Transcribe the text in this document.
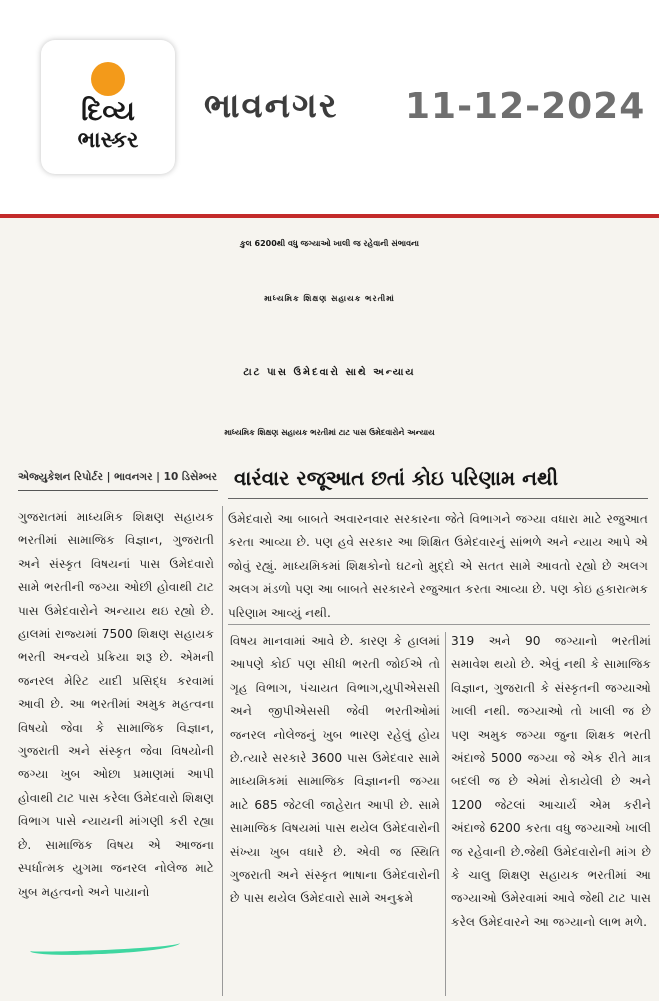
દિવ્ય
ભાસ્કર
ભાવનગર 11-12-2024
કુલ 6200થી વધુ જગ્યાઓ ખાલી જ રહેવાની સંભાવના
માધ્યમિક શિક્ષણ સહાયક ભરતીમાં
ટાટ પાસ ઉમેદવારો સાથે અન્યાય
માધ્યમિક શિક્ષણ સહાયક ભરતીમાં ટાટ પાસ ઉમેદવારોને અન્યાય
એજ્યુકેશન રિપોર્ટર | ભાવનગર | 10 ડિસેમ્બર વારંવાર રજૂઆત છતાં કોઇ પરિણામ નથી

ગુજરાતમાં માધ્યમિક શિક્ષણ સહાયક ભરતીમાં સામાજિક વિજ્ઞાન, ગુજરાતી અને સંસ્કૃત વિષયનાં પાસ ઉમેદવારો સામે ભરતીની જગ્યા ઓછી હોવાથી ટાટ પાસ ઉમેદવારોને અન્યાય થઇ રહ્યો છે. હાલમાં રાજ્યમાં 7500 શિક્ષણ સહાયક ભરતી અન્વયે પ્રક્રિયા શરૂ છે. એમની જનરલ મેરિટ યાદી પ્રસિદ્ધ કરવામાં આવી છે. આ ભરતીમાં અમુક મહત્વના વિષયો જેવા કે સામાજિક વિજ્ઞાન, ગુજરાતી અને સંસ્કૃત જેવા વિષયોની જગ્યા ખુબ ઓછા પ્રમાણમાં આપી હોવાથી ટાટ પાસ કરેલા ઉમેદવારો શિક્ષણ વિભાગ પાસે ન્યાયની માંગણી કરી રહ્યા છે. સામાજિક વિષય એ આજના સ્પર્ધાત્મક યુગમા જનરલ નોલેજ માટે ખુબ મહત્વનો અને પાયાનો

ઉમેદવારો આ બાબતે અવારનવાર સરકારના જેતે વિભાગને જગ્યા વધારા માટે રજુઆત કરતા આવ્યા છે. પણ હવે સરકાર આ શિક્ષિત ઉમેદવારનું સાંભળે અને ન્યાય આપે એ જોવું રહ્યું. માધ્યમિકમાં શિક્ષકોનો ઘટનો મુદ્દો એ સતત સામે આવતો રહ્યો છે અલગ અલગ મંડળો પણ આ બાબતે સરકારને રજુઆત કરતા આવ્યા છે. પણ કોઇ હકારાત્મક પરિણામ આવ્યું નથી.

વિષય માનવામાં આવે છે. કારણ કે હાલમાં આપણે કોઈ પણ સીધી ભરતી જોઈએ તો ગૃહ વિભાગ, પંચાયત વિભાગ,યુપીએસસી અને જીપીએસસી જેવી ભરતીઓમાં જનરલ નોલેજનું ખુબ ભારણ રહેલું હોય છે.ત્યારે સરકારે 3600 પાસ ઉમેદવાર સામે માધ્યમિકમાં સામાજિક વિજ્ઞાનની જગ્યા માટે 685 જેટલી જાહેરાત આપી છે. સામે સામાજિક વિષયમાં પાસ થયેલ ઉમેદવારોની સંખ્યા ખુબ વધારે છે. એવી જ સ્થિતિ ગુજરાતી અને સંસ્કૃત ભાષાના ઉમેદવારોની છે પાસ થયેલ ઉમેદવારો સામે અનુક્રમે

319 અને 90 જગ્યાનો ભરતીમાં સમાવેશ થયો છે. એવું નથી કે સામાજિક વિજ્ઞાન, ગુજરાતી કે સંસ્કૃતની જગ્યાઓ ખાલી નથી. જગ્યાઓ તો ખાલી જ છે પણ અમુક જગ્યા જુના શિક્ષક ભરતી અંદાજે 5000 જગ્યા જે એક રીતે માત્ર બદલી જ છે એમાં રોકાયેલી છે અને 1200 જેટલાં આચાર્ય એમ કરીને અંદાજે 6200 કરતા વધુ જગ્યાઓ ખાલી જ રહેવાની છે.જેથી ઉમેદવારોની માંગ છે કે ચાલુ શિક્ષણ સહાયક ભરતીમાં આ જગ્યાઓ ઉમેરવામાં આવે જેથી ટાટ પાસ કરેલ ઉમેદવારને આ જગ્યાનો લાભ મળે.
